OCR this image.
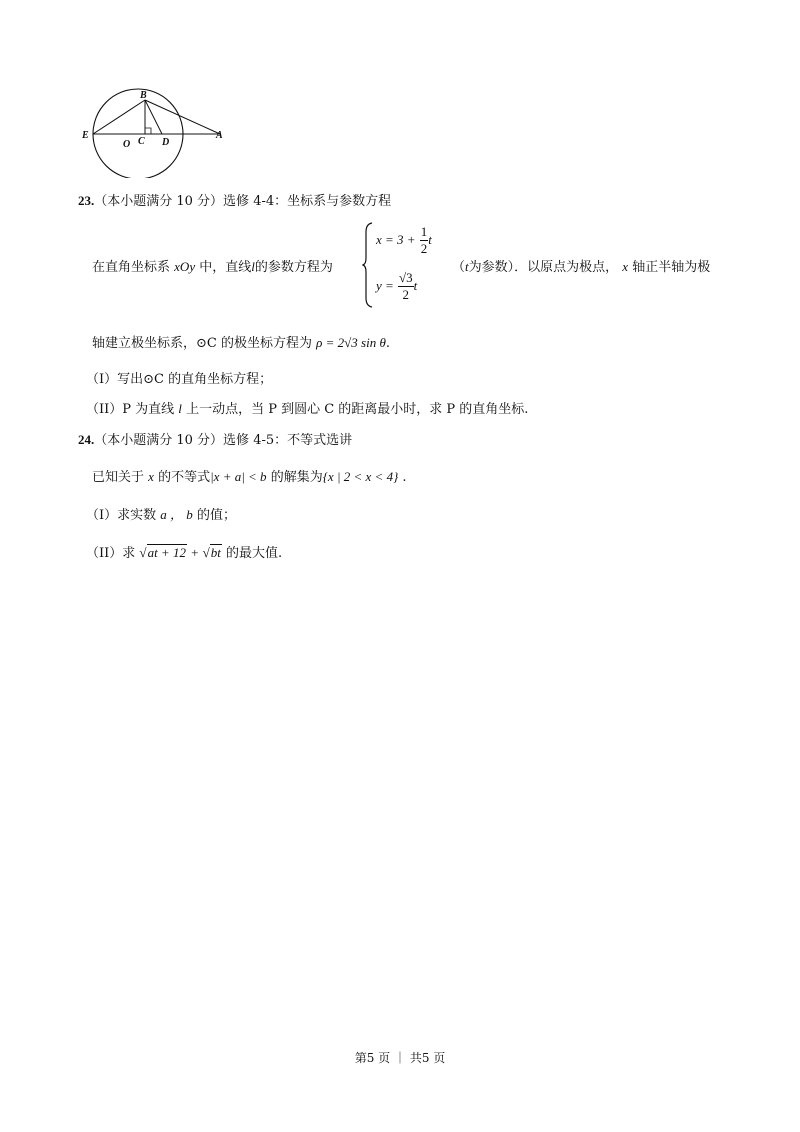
B
E
O C D
A
23.（本小题满分 10 分）选修 4-4：坐标系与参数方程
在直角坐标系 xOy 中，直线l的参数方程为
$x = 3 + \frac{1}{2}$ t
$y = \frac{√3}{2}$ t
（t为参数）．以原点为极点， x 轴正半轴为极
轴建立极坐标系，⊙C 的极坐标方程为 ρ = 2√3 sin θ.
（I）写出⊙C 的直角坐标方程；
（II）P 为直线 l 上一动点，当 P 到圆心 C 的距离最小时，求 P 的直角坐标.
24.（本小题满分 10 分）选修 4-5：不等式选讲
已知关于 x 的不等式|x + a| < b 的解集为{x | 2 < x < 4} .
（I）求实数 a ， b 的值；
（II）求 √at + 12 + √bt 的最大值.
第5 页 ｜ 共5 页
